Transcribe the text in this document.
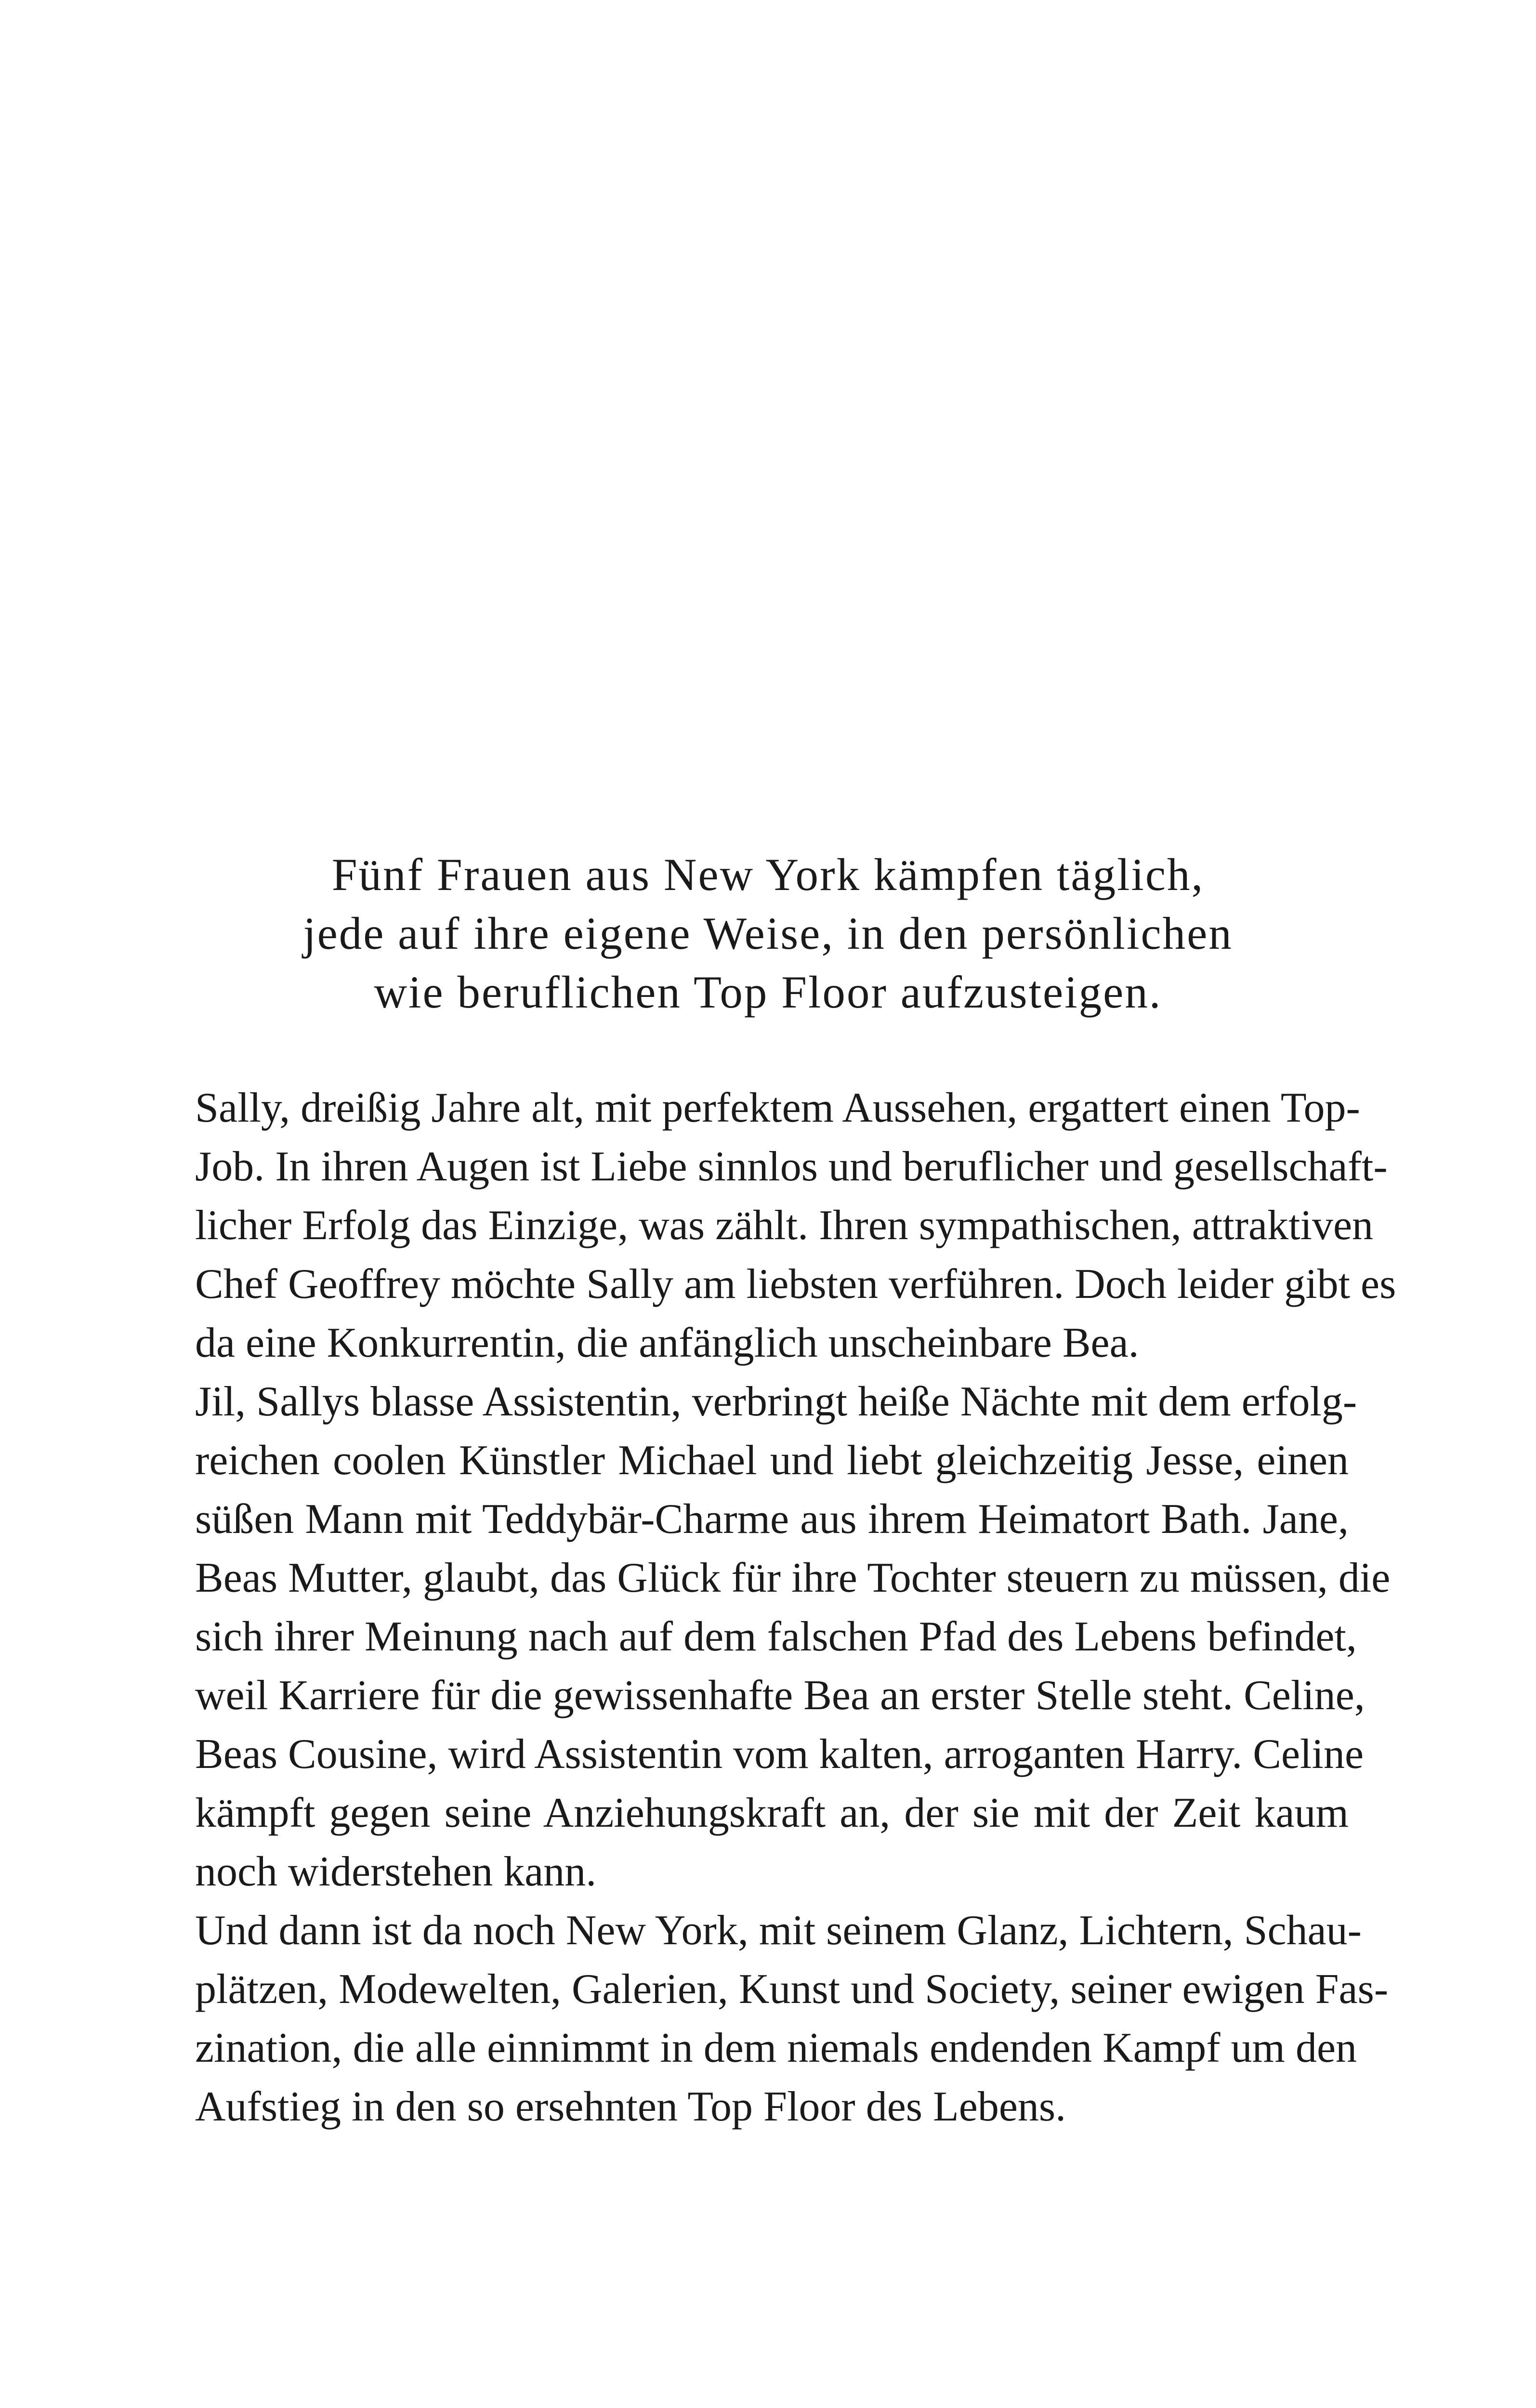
Fünf Frauen aus New York kämpfen täglich,
jede auf ihre eigene Weise, in den persönlichen
wie beruflichen Top Floor aufzusteigen.
Sally, dreißig Jahre alt, mit perfektem Aussehen, ergattert einen Top-
Job. In ihren Augen ist Liebe sinnlos und beruflicher und gesellschaft-
licher Erfolg das Einzige, was zählt. Ihren sympathischen, attraktiven
Chef Geoffrey möchte Sally am liebsten verführen. Doch leider gibt es
da eine Konkurrentin, die anfänglich unscheinbare Bea.
Jil, Sallys blasse Assistentin, verbringt heiße Nächte mit dem erfolg-
reichen coolen Künstler Michael und liebt gleichzeitig Jesse, einen
süßen Mann mit Teddybär-Charme aus ihrem Heimatort Bath. Jane,
Beas Mutter, glaubt, das Glück für ihre Tochter steuern zu müssen, die
sich ihrer Meinung nach auf dem falschen Pfad des Lebens befindet,
weil Karriere für die gewissenhafte Bea an erster Stelle steht. Celine,
Beas Cousine, wird Assistentin vom kalten, arroganten Harry. Celine
kämpft gegen seine Anziehungskraft an, der sie mit der Zeit kaum
noch widerstehen kann.
Und dann ist da noch New York, mit seinem Glanz, Lichtern, Schau-
plätzen, Modewelten, Galerien, Kunst und Society, seiner ewigen Fas-
zination, die alle einnimmt in dem niemals endenden Kampf um den
Aufstieg in den so ersehnten Top Floor des Lebens.
